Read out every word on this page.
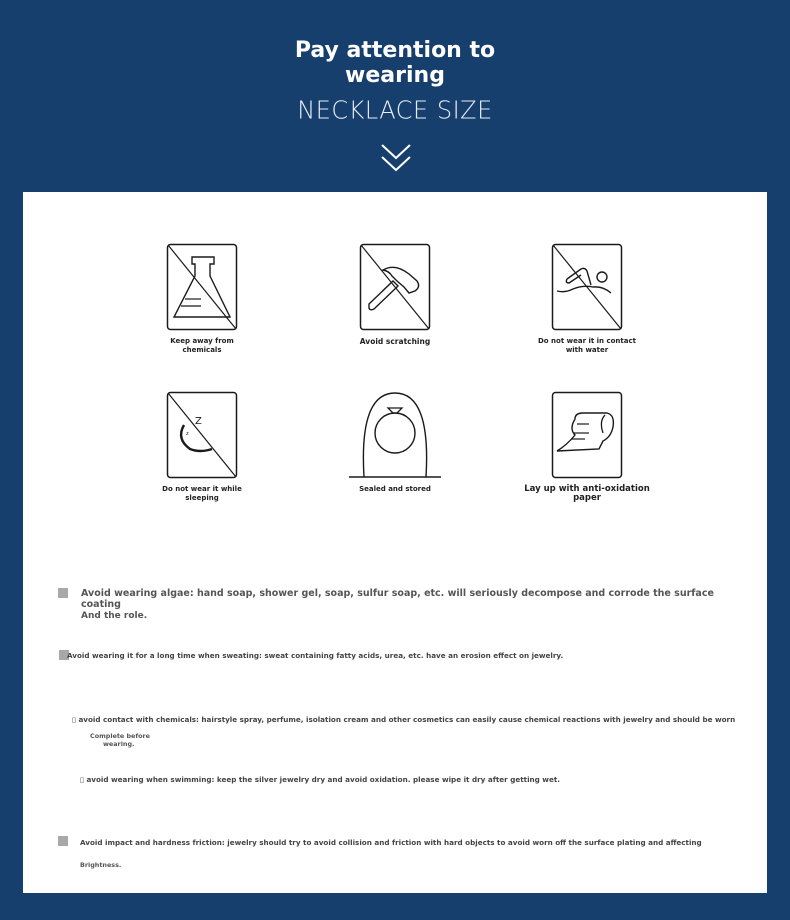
Pay attention to
wearing
NECKLACE SIZE
Keep away from
chemicals
Avoid scratching	Do not wear it in contact
with water
Z
z
Do not wear it while
sleeping
Sealed and stored	Lay up with anti-oxidation
paper
Avoid wearing algae: hand soap, shower gel, soap, sulfur soap, etc. will seriously decompose and corrode the surface coating
And the role.
Avoid wearing it for a long time when sweating: sweat containing fatty acids, urea, etc. have an erosion effect on jewelry.
▯ avoid contact with chemicals: hairstyle spray, perfume, isolation cream and other cosmetics can easily cause chemical reactions with jewelry and should be worn
Complete before
wearing.
▯ avoid wearing when swimming: keep the silver jewelry dry and avoid oxidation. please wipe it dry after getting wet.
Avoid impact and hardness friction: jewelry should try to avoid collision and friction with hard objects to avoid worn off the surface plating and affecting
Brightness.
